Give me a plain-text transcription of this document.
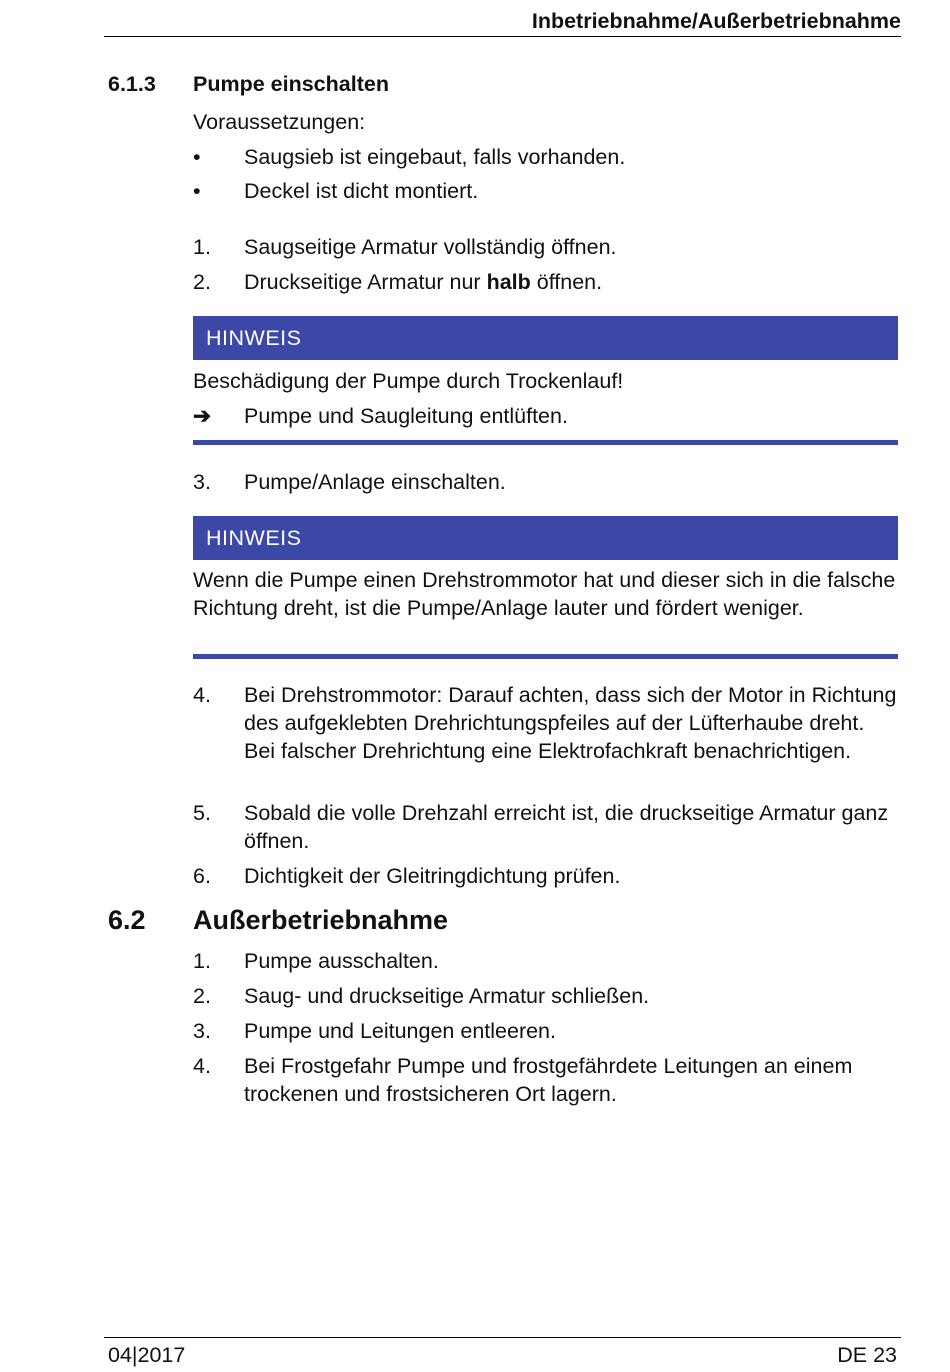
Inbetriebnahme/Außerbetriebnahme
6.1.3 Pumpe einschalten
Voraussetzungen:
• Saugsieb ist eingebaut, falls vorhanden.
• Deckel ist dicht montiert.
1. Saugseitige Armatur vollständig öffnen.
2. Druckseitige Armatur nur halb öffnen.
HINWEIS
Beschädigung der Pumpe durch Trockenlauf!
➔ Pumpe und Saugleitung entlüften.
3. Pumpe/Anlage einschalten.
HINWEIS
Wenn die Pumpe einen Drehstrommotor hat und dieser sich in die falsche Richtung dreht, ist die Pumpe/Anlage lauter und fördert weniger.
4. Bei Drehstrommotor: Darauf achten, dass sich der Motor in Richtung des aufgeklebten Drehrichtungspfeiles auf der Lüfterhaube dreht. Bei falscher Drehrichtung eine Elektrofachkraft benachrichtigen.
5. Sobald die volle Drehzahl erreicht ist, die druckseitige Armatur ganz öffnen.
6. Dichtigkeit der Gleitringdichtung prüfen.
6.2 Außerbetriebnahme
1. Pumpe ausschalten.
2. Saug- und druckseitige Armatur schließen.
3. Pumpe und Leitungen entleeren.
4. Bei Frostgefahr Pumpe und frostgefährdete Leitungen an einem trockenen und frostsicheren Ort lagern.
04|2017	DE 23
